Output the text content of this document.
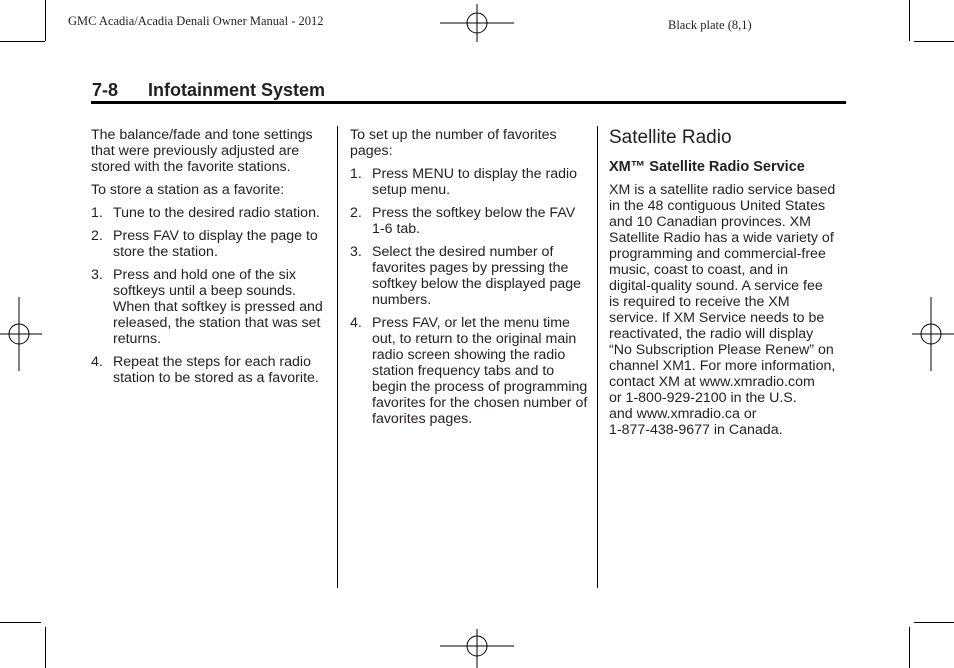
GMC Acadia/Acadia Denali Owner Manual - 2012	Black plate (8,1)
7-8 Infotainment System

The balance/fade and tone settings that were previously adjusted are stored with the favorite stations.

To store a station as a favorite:

1. Tune to the desired radio station.
2. Press FAV to display the page to store the station.
3. Press and hold one of the six softkeys until a beep sounds. When that softkey is pressed and released, the station that was set returns.
4. Repeat the steps for each radio station to be stored as a favorite.

To set up the number of favorites pages:

1. Press MENU to display the radio setup menu.
2. Press the softkey below the FAV 1-6 tab.
3. Select the desired number of favorites pages by pressing the softkey below the displayed page numbers.
4. Press FAV, or let the menu time out, to return to the original main radio screen showing the radio station frequency tabs and to begin the process of programming favorites for the chosen number of favorites pages.
Satellite Radio
XM™ Satellite Radio Service
XM is a satellite radio service based
in the 48 contiguous United States
and 10 Canadian provinces. XM
Satellite Radio has a wide variety of
programming and commercial-free
music, coast to coast, and in
digital-quality sound. A service fee
is required to receive the XM
service. If XM Service needs to be
reactivated, the radio will display
“No Subscription Please Renew” on
channel XM1. For more information,
contact XM at www.xmradio.com
or 1-800-929-2100 in the U.S.
and www.xmradio.ca or
1-877-438-9677 in Canada.
